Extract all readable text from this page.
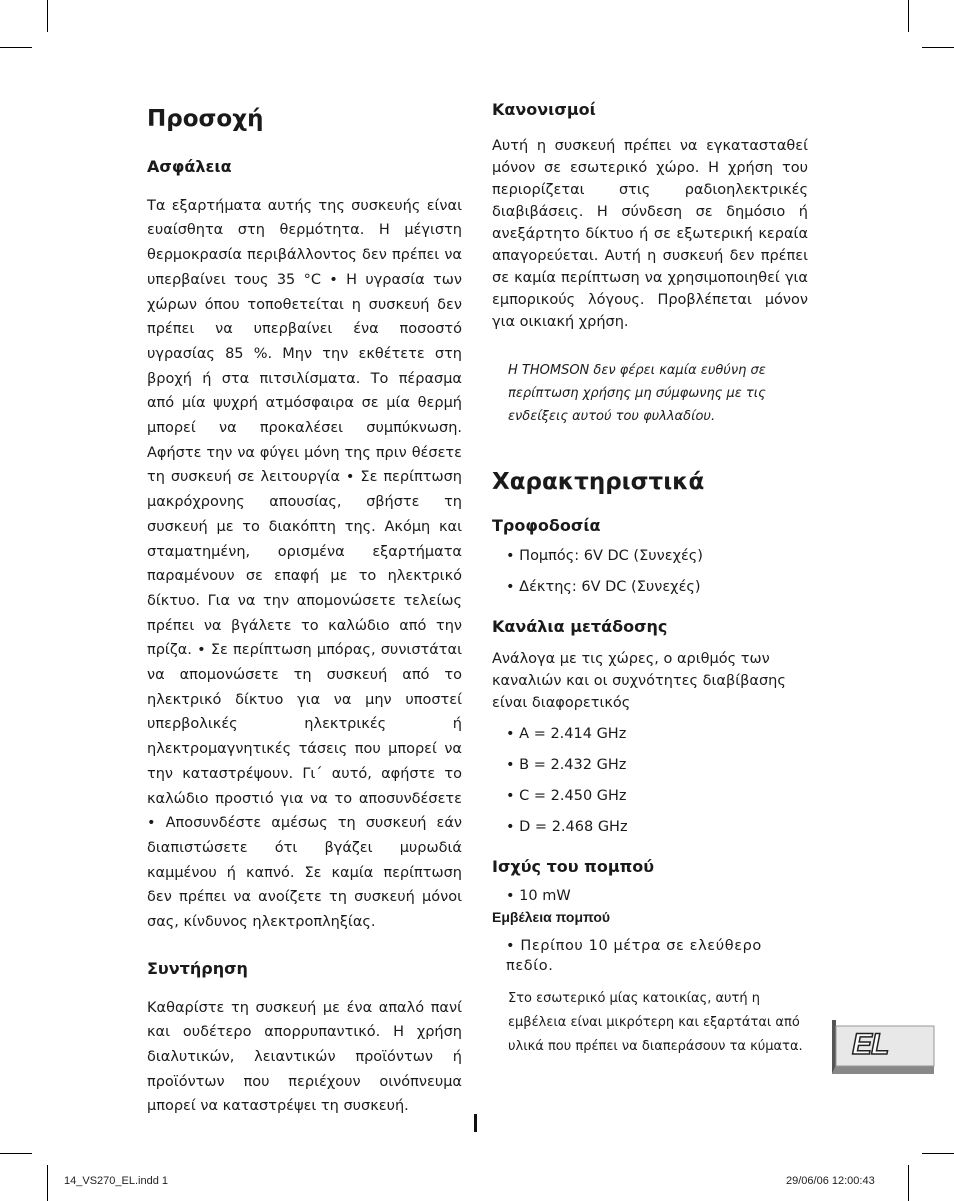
Προσοχή
Ασφάλεια

Τα εξαρτήματα αυτής της συσκευής είναι ευαίσθητα στη θερμότητα. Η μέγιστη θερμοκρασία περιβάλλοντος δεν πρέπει να υπερβαίνει τους 35 °C • Η υγρασία των χώρων όπου τοποθετείται η συσκευή δεν πρέπει να υπερβαίνει ένα ποσοστό υγρασίας 85 %. Μην την εκθέτετε στη βροχή ή στα πιτσιλίσματα. Το πέρασμα από μία ψυχρή ατμόσφαιρα σε μία θερμή μπορεί να προκαλέσει συμπύκνωση. Αφήστε την να φύγει μόνη της πριν θέσετε τη συσκευή σε λειτουργία • Σε περίπτωση μακρόχρονης απουσίας, σβήστε τη συσκευή με το διακόπτη της. Ακόμη και σταματημένη, ορισμένα εξαρτήματα παραμένουν σε επαφή με το ηλεκτρικό δίκτυο. Για να την απομονώσετε τελείως πρέπει να βγάλετε το καλώδιο από την πρίζα. • Σε περίπτωση μπόρας, συνιστάται να απομονώσετε τη συσκευή από το ηλεκτρικό δίκτυο για να μην υποστεί υπερβολικές ηλεκτρικές ή ηλεκτρομαγνητικές τάσεις που μπορεί να την καταστρέψουν. Γι΄ αυτό, αφήστε το καλώδιο προστιό για να το αποσυνδέσετε • Αποσυνδέστε αμέσως τη συσκευή εάν διαπιστώσετε ότι βγάζει μυρωδιά καμμένου ή καπνό. Σε καμία περίπτωση δεν πρέπει να ανοίζετε τη συσκευή μόνοι σας, κίνδυνος ηλεκτροπληξίας.

Συντήρηση

Καθαρίστε τη συσκευή με ένα απαλό πανί και ουδέτερο απορρυπαντικό. Η χρήση διαλυτικών, λειαντικών προϊόντων ή προϊόντων που περιέχουν οινόπνευμα μπορεί να καταστρέψει τη συσκευή.

Κανονισμοί

Αυτή η συσκευή πρέπει να εγκατασταθεί μόνον σε εσωτερικό χώρο. Η χρήση του περιορίζεται στις ραδιοηλεκτρικές διαβιβάσεις. Η σύνδεση σε δημόσιο ή ανεξάρτητο δίκτυο ή σε εξωτερική κεραία απαγορεύεται. Αυτή η συσκευή δεν πρέπει σε καμία περίπτωση να χρησιμοποιηθεί για εμπορικούς λόγους. Προβλέπεται μόνον για οικιακή χρήση.

Η THOMSON δεν φέρει καμία ευθύνη σε περίπτωση χρήσης μη σύμφωνης με τις ενδείξεις αυτού του φυλλαδίου.

Χαρακτηριστικά
Τροφοδοσία
• Πομπός: 6V DC (Συνεχές)
• Δέκτης: 6V DC (Συνεχές)
Κανάλια μετάδοσης

Ανάλογα με τις χώρες, ο αριθμός των καναλιών και οι συχνότητες διαβίβασης είναι διαφορετικός

• A = 2.414 GHz
• B = 2.432 GHz
• C = 2.450 GHz
• D = 2.468 GHz
Ισχύς του πομπού
• 10 mW
Εμβέλεια πομπού
• Περίπου 10 μέτρα σε ελεύθερο πεδίο.

Στο εσωτερικό μίας κατοικίας, αυτή η εμβέλεια είναι μικρότερη και εξαρτάται από υλικά που πρέπει να διαπεράσουν τα κύματα. EL
14_VS270_EL.indd 1	29/06/06 12:00:43
